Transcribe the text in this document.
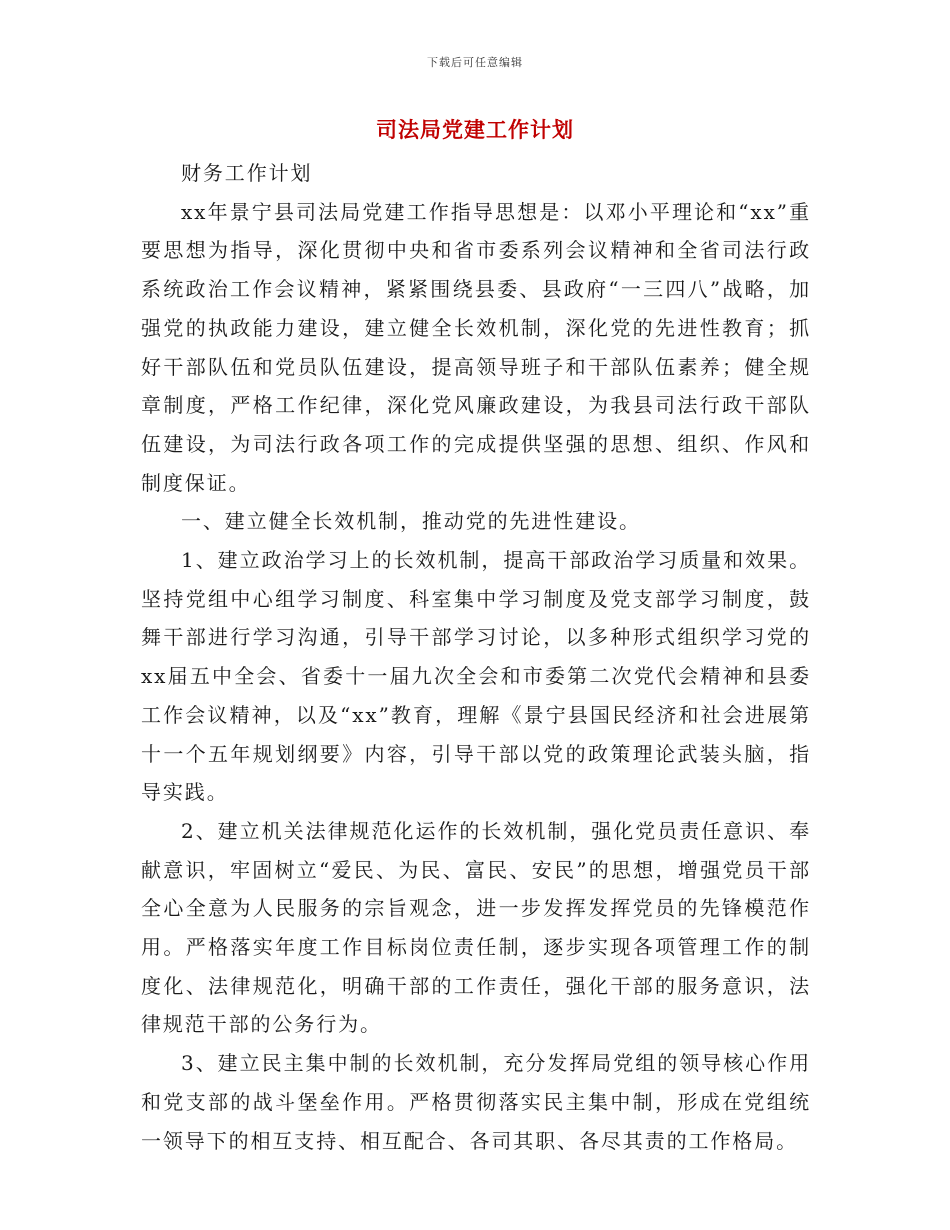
下载后可任意编辑
司法局党建工作计划

财务工作计划

xx年景宁县司法局党建工作指导思想是：以邓小平理论和“xx”重要思想为指导，深化贯彻中央和省市委系列会议精神和全省司法行政系统政治工作会议精神，紧紧围绕县委、县政府“一三四八”战略，加强党的执政能力建设，建立健全长效机制，深化党的先进性教育；抓好干部队伍和党员队伍建设，提高领导班子和干部队伍素养；健全规章制度，严格工作纪律，深化党风廉政建设，为我县司法行政干部队伍建设，为司法行政各项工作的完成提供坚强的思想、组织、作风和制度保证。

一、建立健全长效机制，推动党的先进性建设。

1、建立政治学习上的长效机制，提高干部政治学习质量和效果。坚持党组中心组学习制度、科室集中学习制度及党支部学习制度，鼓舞干部进行学习沟通，引导干部学习讨论，以多种形式组织学习党的xx届五中全会、省委十一届九次全会和市委第二次党代会精神和县委工作会议精神，以及“xx”教育，理解《景宁县国民经济和社会进展第十一个五年规划纲要》内容，引导干部以党的政策理论武装头脑，指导实践。

2、建立机关法律规范化运作的长效机制，强化党员责任意识、奉献意识，牢固树立“爱民、为民、富民、安民”的思想，增强党员干部全心全意为人民服务的宗旨观念，进一步发挥发挥党员的先锋模范作用。严格落实年度工作目标岗位责任制，逐步实现各项管理工作的制度化、法律规范化，明确干部的工作责任，强化干部的服务意识，法律规范干部的公务行为。

3、建立民主集中制的长效机制，充分发挥局党组的领导核心作用和党支部的战斗堡垒作用。严格贯彻落实民主集中制，形成在党组统一领导下的相互支持、相互配合、各司其职、各尽其责的工作格局。
